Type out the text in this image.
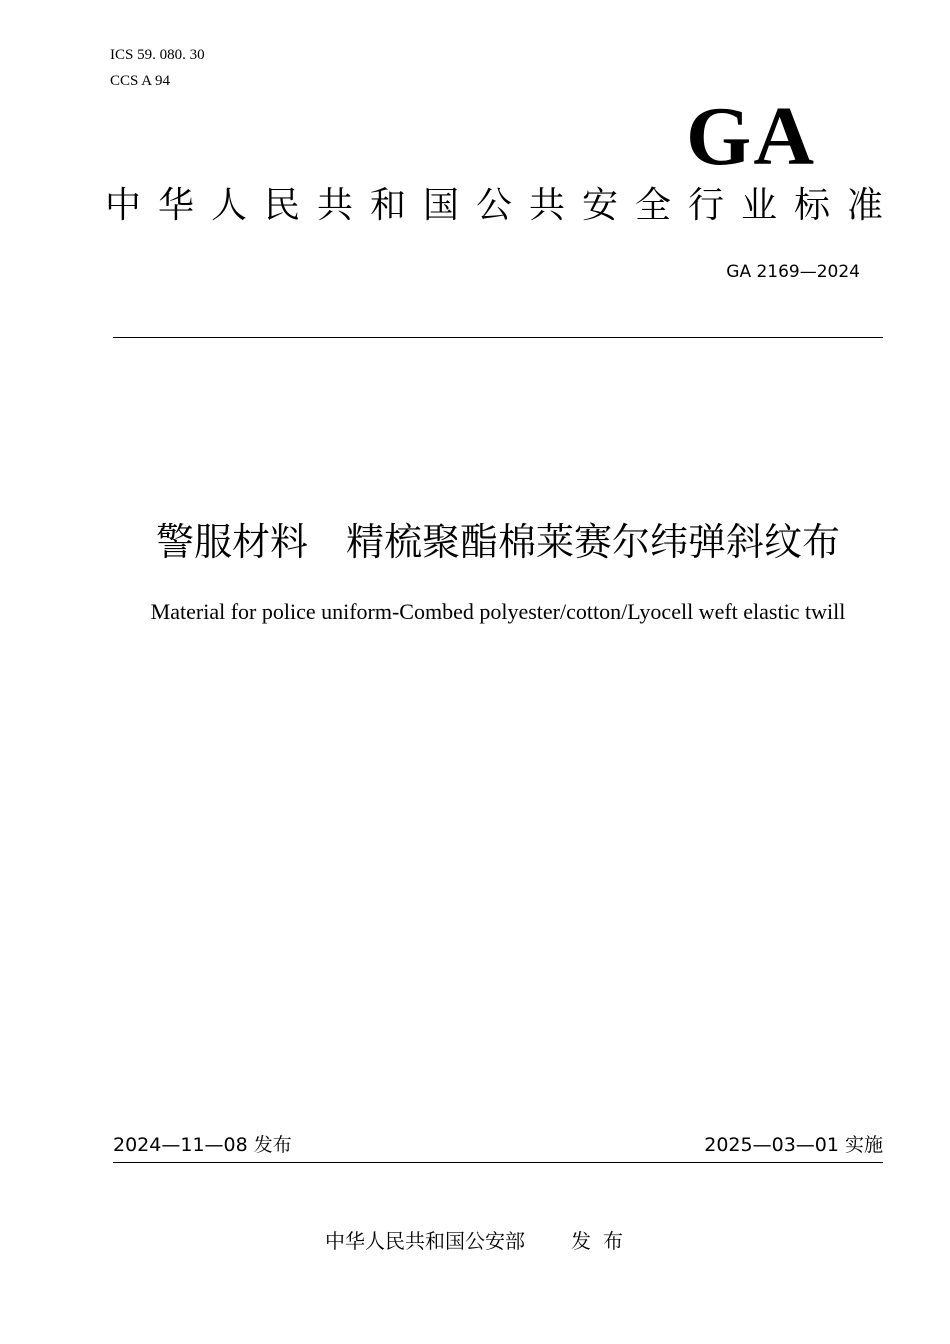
ICS 59. 080. 30
CCS A 94
GA
中华人民共和国公共安全行业标准
GA 2169—2024
警服材料　精梳聚酯棉莱赛尔纬弹斜纹布
Material for police uniform-Combed polyester/cotton/Lyocell weft elastic twill
2024—11—08 发布	2025—03—01 实施
中华人民共和国公安部 发布
